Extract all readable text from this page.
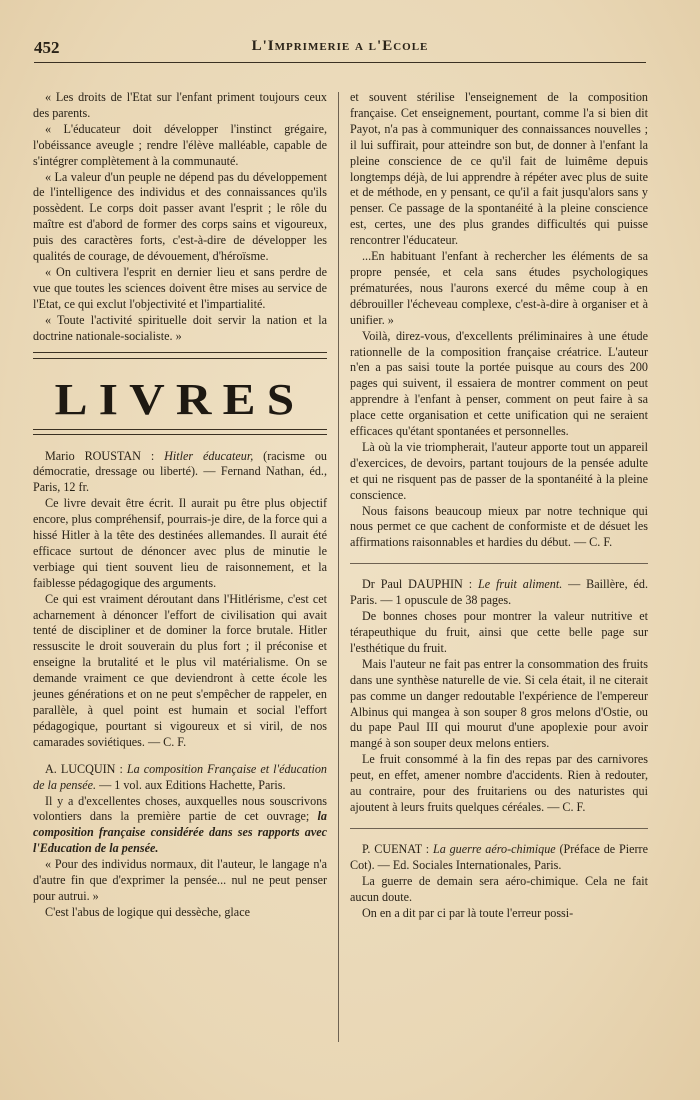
452	L'Imprimerie a l'Ecole

« Les droits de l'Etat sur l'enfant priment toujours ceux des parents.

« L'éducateur doit développer l'instinct grégaire, l'obéissance aveugle ; rendre l'élève malléable, capable de s'intégrer complètement à la communauté.

« La valeur d'un peuple ne dépend pas du développement de l'intelligence des individus et des connaissances qu'ils possèdent. Le corps doit passer avant l'esprit ; le rôle du maître est d'abord de former des corps sains et vigoureux, puis des caractères forts, c'est-à-dire de développer les qualités de courage, de dévouement, d'héroïsme.

« On cultivera l'esprit en dernier lieu et sans perdre de vue que toutes les sciences doivent être mises au service de l'Etat, ce qui exclut l'objectivité et l'impartialité.

« Toute l'activité spirituelle doit servir la nation et la doctrine nationale-socialiste. »

LIVRES

Mario ROUSTAN : Hitler éducateur, (racisme ou démocratie, dressage ou liberté). — Fernand Nathan, éd., Paris, 12 fr.

Ce livre devait être écrit. Il aurait pu être plus objectif encore, plus compréhensif, pourrais-je dire, de la force qui a hissé Hitler à la tête des destinées allemandes. Il aurait été efficace surtout de dénoncer avec plus de minutie le verbiage qui tient souvent lieu de raisonnement, et la faiblesse pédagogique des arguments.

Ce qui est vraiment déroutant dans l'Hitlérisme, c'est cet acharnement à dénoncer l'effort de civilisation qui avait tenté de discipliner et de dominer la force brutale. Hitler ressuscite le droit souverain du plus fort ; il préconise et enseigne la brutalité et le plus vil matérialisme. On se demande vraiment ce que deviendront à cette école les jeunes générations et on ne peut s'empêcher de rappeler, en parallèle, à quel point est humain et social l'effort pédagogique, pourtant si vigoureux et si viril, de nos camarades soviétiques. — C. F.

A. LUCQUIN : La composition Française et l'éducation de la pensée. — 1 vol. aux Editions Hachette, Paris.

Il y a d'excellentes choses, auxquelles nous souscrivons volontiers dans la première partie de cet ouvrage; la composition française considérée dans ses rapports avec l'Education de la pensée.

« Pour des individus normaux, dit l'auteur, le langage n'a d'autre fin que d'exprimer la pensée... nul ne peut penser pour autrui. »

C'est l'abus de logique qui dessèche, glace

et souvent stérilise l'enseignement de la composition française. Cet enseignement, pourtant, comme l'a si bien dit Payot, n'a pas à communiquer des connaissances nouvelles ; il lui suffirait, pour atteindre son but, de donner à l'enfant la pleine conscience de ce qu'il fait de luimême depuis longtemps déjà, de lui apprendre à répéter avec plus de suite et de méthode, en y pensant, ce qu'il a fait jusqu'alors sans y penser. Ce passage de la spontanéité à la pleine conscience est, certes, une des plus grandes difficultés qui puisse rencontrer l'éducateur.

...En habituant l'enfant à rechercher les éléments de sa propre pensée, et cela sans études psychologiques prématurées, nous l'aurons exercé du même coup à en débrouiller l'écheveau complexe, c'est-à-dire à organiser et à unifier. »

Voilà, direz-vous, d'excellents préliminaires à une étude rationnelle de la composition française créatrice. L'auteur n'en a pas saisi toute la portée puisque au cours des 200 pages qui suivent, il essaiera de montrer comment on peut apprendre à l'enfant à penser, comment on peut faire à sa place cette organisation et cette unification qui ne seraient efficaces qu'étant spontanées et personnelles.

Là où la vie triompherait, l'auteur apporte tout un appareil d'exercices, de devoirs, partant toujours de la pensée adulte et qui ne risquent pas de passer de la spontanéité à la pleine conscience.

Nous faisons beaucoup mieux par notre technique qui nous permet ce que cachent de conformiste et de désuet les affirmations raisonnables et hardies du début. — C. F.

Dr Paul DAUPHIN : Le fruit aliment. — Baillère, éd. Paris. — 1 opuscule de 38 pages.

De bonnes choses pour montrer la valeur nutritive et térapeuthique du fruit, ainsi que cette belle page sur l'esthétique du fruit.

Mais l'auteur ne fait pas entrer la consommation des fruits dans une synthèse naturelle de vie. Si cela était, il ne citerait pas comme un danger redoutable l'expérience de l'empereur Albinus qui mangea à son souper 8 gros melons d'Ostie, ou du pape Paul III qui mourut d'une apoplexie pour avoir mangé à son souper deux melons entiers.

Le fruit consommé à la fin des repas par des carnivores peut, en effet, amener nombre d'accidents. Rien à redouter, au contraire, pour des fruitariens ou des naturistes qui ajoutent à leurs fruits quelques céréales. — C. F.

P. CUENAT : La guerre aéro-chimique (Préface de Pierre Cot). — Ed. Sociales Internationales, Paris.

La guerre de demain sera aéro-chimique. Cela ne fait aucun doute.

On en a dit par ci par là toute l'erreur possi-
